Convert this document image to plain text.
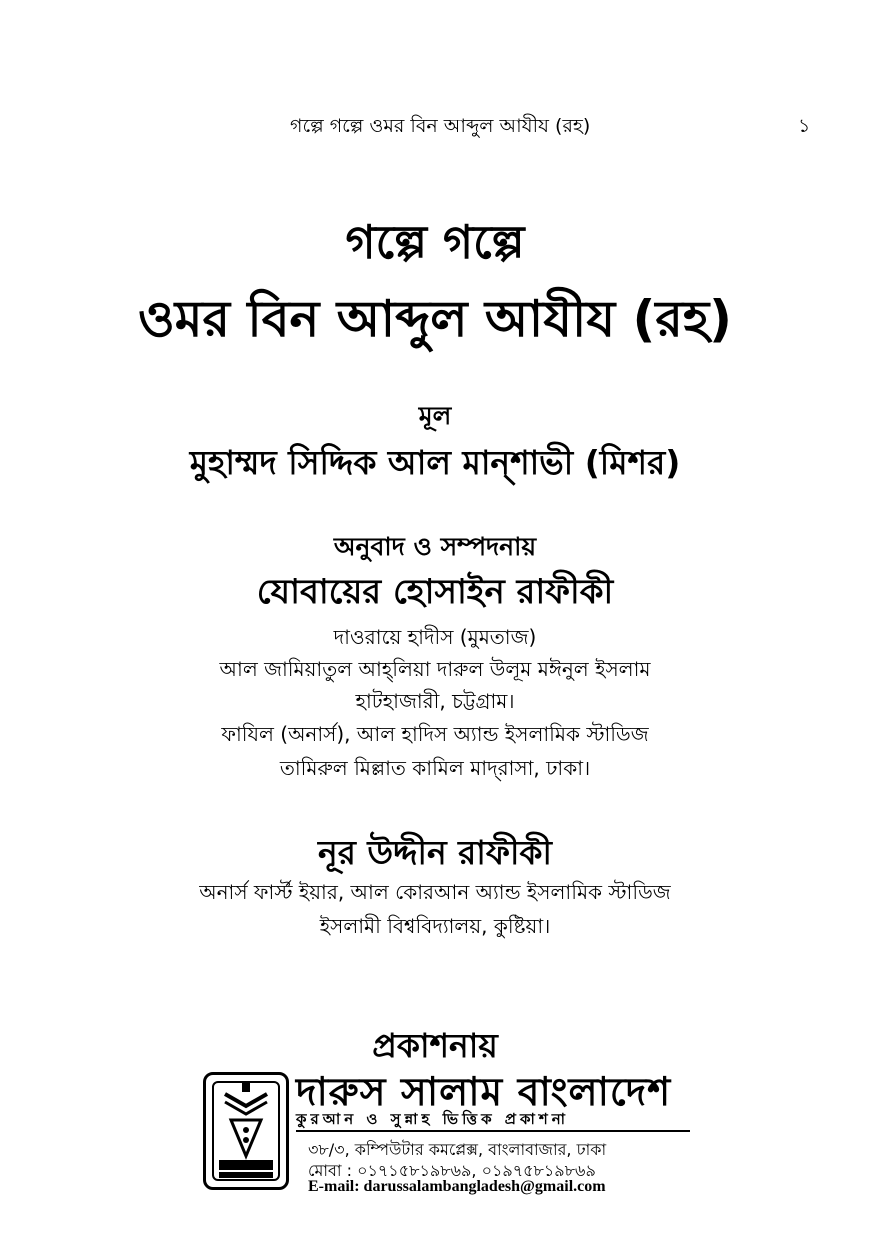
গল্পে গল্পে ওমর বিন আব্দুল আযীয (রহ)	১
গল্পে গল্পে
ওমর বিন আব্দুল আযীয (রহ)
মূল
মুহাম্মদ সিদ্দিক আল মান্‌শাভী (মিশর)
অনুবাদ ও সম্পদনায়
যোবায়ের হোসাইন রাফীকী
দাওরায়ে হাদীস (মুমতাজ)
আল জামিয়াতুল আহ্‌লিয়া দারুল উলূম মঈনুল ইসলাম
হাটহাজারী, চট্টগ্রাম।
ফাযিল (অনার্স), আল হাদিস অ্যান্ড ইসলামিক স্টাডিজ
তামিরুল মিল্লাত কামিল মাদ্‌রাসা, ঢাকা।
নূর উদ্দীন রাফীকী
অনার্স ফার্স্ট ইয়ার, আল কোরআন অ্যান্ড ইসলামিক স্টাডিজ
ইসলামী বিশ্ববিদ্যালয়, কুষ্টিয়া।
প্রকাশনায়
দারুস সালাম বাংলাদেশ
কুরআন ও সুন্নাহ ভিত্তিক প্রকাশনা
৩৮/৩, কম্পিউটার কমপ্লেক্স, বাংলাবাজার, ঢাকা
মোবা : ০১৭১৫৮১৯৮৬৯, ০১৯৭৫৮১৯৮৬৯
E-mail: darussalambangladesh@gmail.com
